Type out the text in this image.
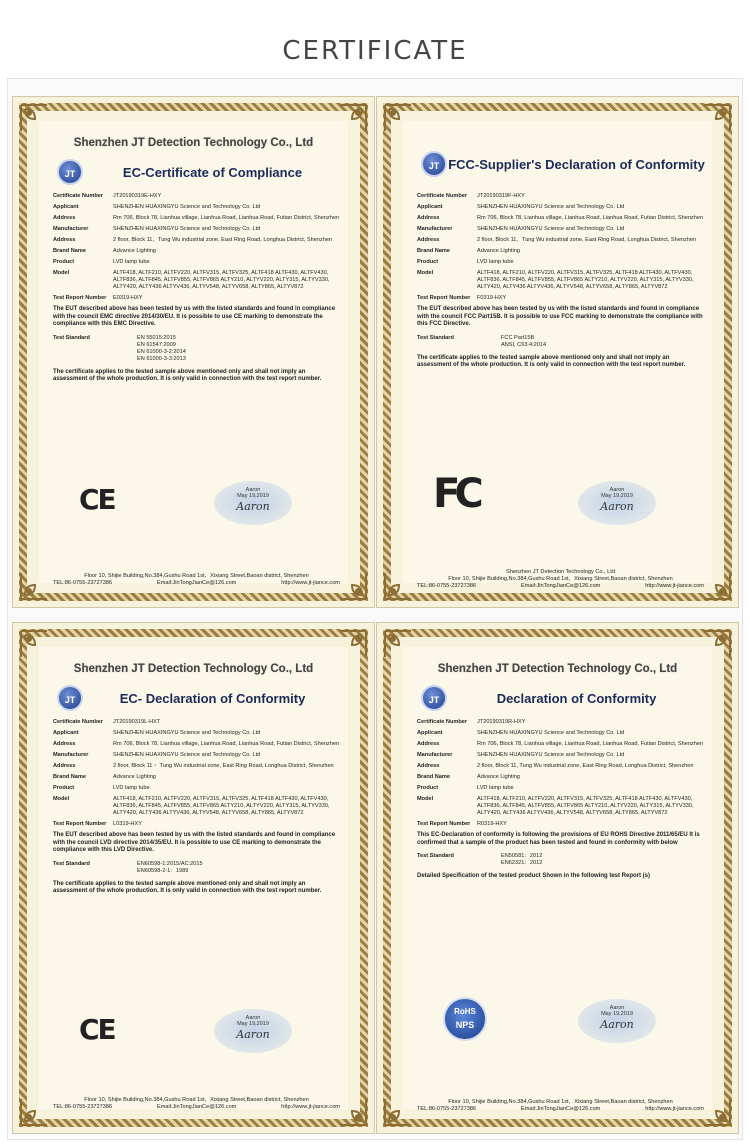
CERTIFICATE
Shenzhen JT Detection Technology Co., Ltd
JT	EC-Certificate of Compliance
Certificate Number	JT20190319E-HXY
Applicant	SHENZHEN HUAXINGYU Science and Technology Co. Ltd
Address	Rm 706, Block 78, Lianhua village, Lianhua Road, Lianhua Road, Futian District, Shenzhen
Manufacturer	SHENZHEN HUAXINGYU Science and Technology Co. Ltd
Address	2 floor, Block 11，Tung Wu industrial zone, East Ring Road, Longhua District, Shenzhen
Brand Name	Advance Lighting
Product	LVD lamp tube
Model	ALTF418, ALTF210, ALTFV220, ALTFV315, ALTFV325, ALTF418 ALTF430, ALTFV430, ALTF836, ALTF845, ALTFV855, ALTFV865 ALTY210, ALTYV220, ALTY315, ALTYV330, ALTY420, ALTY436 ALTYV436, ALTYV548, ALTYV658, ALTY865, ALTYV872
Test Report Number	E0319-HXY
The EUT described above has been tested by us with the listed standards and found in compliance with the council EMC directive 2014/30/EU. It is possible to use CE marking to demonstrate the compliance with this EMC Directive.
Test Standard	EN 55015:2015
EN 61547:2009
EN 61000-3-2:2014
EN 61000-3-3:2013
The certificate applies to the tested sample above mentioned only and shall not imply an assessment of the whole production. It is only valid in connection with the test report number.
CE	Aaron
May 19,2019
Aaron
Floor 10, Shijie Building,No.384,Gushu Road 1st，Xixiang Street,Baoan district, Shenzhen
TEL:86-0755-23727386	Email:JinTongJianCe@126.com	http://www.jt-jiance.com
JT FCC-Supplier's Declaration of Conformity
Certificate Number	JT20190319F-HXY
Applicant	SHENZHEN HUAXINGYU Science and Technology Co. Ltd
Address	Rm 706, Block 78, Lianhua village, Lianhua Road, Lianhua Road, Futian District, Shenzhen
Manufacturer	SHENZHEN HUAXINGYU Science and Technology Co. Ltd
Address	2 floor, Block 11，Tung Wu industrial zone, East Ring Road, Longhua District, Shenzhen
Brand Name	Advance Lighting
Product	LVD lamp tube
Model	ALTF418, ALTF210, ALTFV220, ALTFV315, ALTFV325, ALTF418 ALTF430, ALTFV430, ALTF836, ALTF845, ALTFV855, ALTFV865 ALTY210, ALTYV220, ALTY315, ALTYV330, ALTY420, ALTY436 ALTYV436, ALTYV548, ALTYV658, ALTY865, ALTYV872
Test Report Number	F0319-HXY
The EUT described above has been tested by us with the listed standards and found in compliance with the council FCC Part15B. It is possible to use FCC marking to demonstrate the compliance with this FCC Directive.
Test Standard	FCC Part15B
ANSI, C63.4:2014
The certificate applies to the tested sample above mentioned only and shall not imply an assessment of the whole production. It is only valid in connection with the test report number.
FC	Aaron
May 19,2019
Aaron
Shenzhen JT Detection Technology Co., Ltd
Floor 10, Shijie Building,No.384,Gushu Road 1st，Xixiang Street,Baoan district, Shenzhen
TEL:86-0755-23727386	Email:JinTongJianCe@126.com	http://www.jt-jiance.com
Shenzhen JT Detection Technology Co., Ltd
JT	EC- Declaration of Conformity
Certificate Number	JT20190319L-HXT
Applicant	SHENZHEN HUAXINGYU Science and Technology Co. Ltd
Address	Rm 706, Block 78, Lianhua village, Lianhua Road, Lianhua Road, Futian District, Shenzhen
Manufacturer	SHENZHEN HUAXINGYU Science and Technology Co. Ltd
Address	2 floor, Block 11・ Tung Wu industrial zone, East Ring Road, Longhua District, Shenzhen
Brand Name	Advance Lighting
Product	LVD lamp tube
Model	ALTF418, ALTF210, ALTFV220, ALTFV315, ALTFV325, ALTF418 ALTF430, ALTFV430, ALTF836, ALTF845, ALTFV855, ALTFV865 ALTY210, ALTYV220, ALTY315, ALTYV330, ALTY420, ALTY436 ALTYV436, ALTYV548, ALTYV658, ALTY865, ALTYV872
Test Report Number	L0319-HXY
The EUT described above has been tested by us with the listed standards and found in compliance with the council LVD directive 2014/35/EU. It is possible to use CE marking to demonstrate the compliance with this LVD Directive.
Test Standard	EN60598-1:2015/AC:2015
EN60598-2-1：1989
The certificate applies to the tested sample above mentioned only and shall not imply an assessment of the whole production. It is only valid in connection with the test report number.
CE	Aaron
May 19,2019
Aaron
Floor 10, Shijie Building,No.384,Gushu Road 1st，Xixiang Street,Baoan district, Shenzhen
TEL:86-0755-23727386	Email:JinTongJianCe@126.com	http://www.jt-jiance.com
Shenzhen JT Detection Technology Co., Ltd
JT	Declaration of Conformity
Certificate Number	JT20190319R-HXY
Applicant	SHENZHEN HUAXINGYU Science and Technology Co. Ltd
Address	Rm 706, Block 78, Lianhua village, Lianhua Road, Lianhua Road, Futian District, Shenzhen
Manufacturer	SHENZHEN HUAXINGYU Science and Technology Co. Ltd
Address	2 floor, Block 11, Tung Wu industrial zone, East Ring Road, Longhua District, Shenzhen
Brand Name	Advance Lighting
Product	LVD lamp tube
Model	ALTF418, ALTF210, ALTFV220, ALTFV315, ALTFV325, ALTF418 ALTF430, ALTFV430, ALTF836, ALTF845, ALTFV855, ALTFV865 ALTY210, ALTYV220, ALTY315, ALTYV330, ALTY420, ALTY436 ALTYV436, ALTYV548, ALTYV658, ALTY865, ALTYV872
Test Report Number	R0319-HXY
This EC-Declaration of conformity is following the provisions of EU ROHS Directive 2011/65/EU It is confirmed that a sample of the product has been tested and found in conformity with below
Test Standard	EN50581：2012
EN62321：2012
Detailed Specification of the tested product Shown in the following test Report (s)
RoHS
NPS
Aaron
May 19,2019
Aaron
Floor 10, Shijie Building,No.384,Gushu Road 1st，Xixiang Street,Baoan district, Shenzhen
TEL:86-0755-23727386	Email:JinTongJianCe@126.com	http://www.jt-jiance.com
